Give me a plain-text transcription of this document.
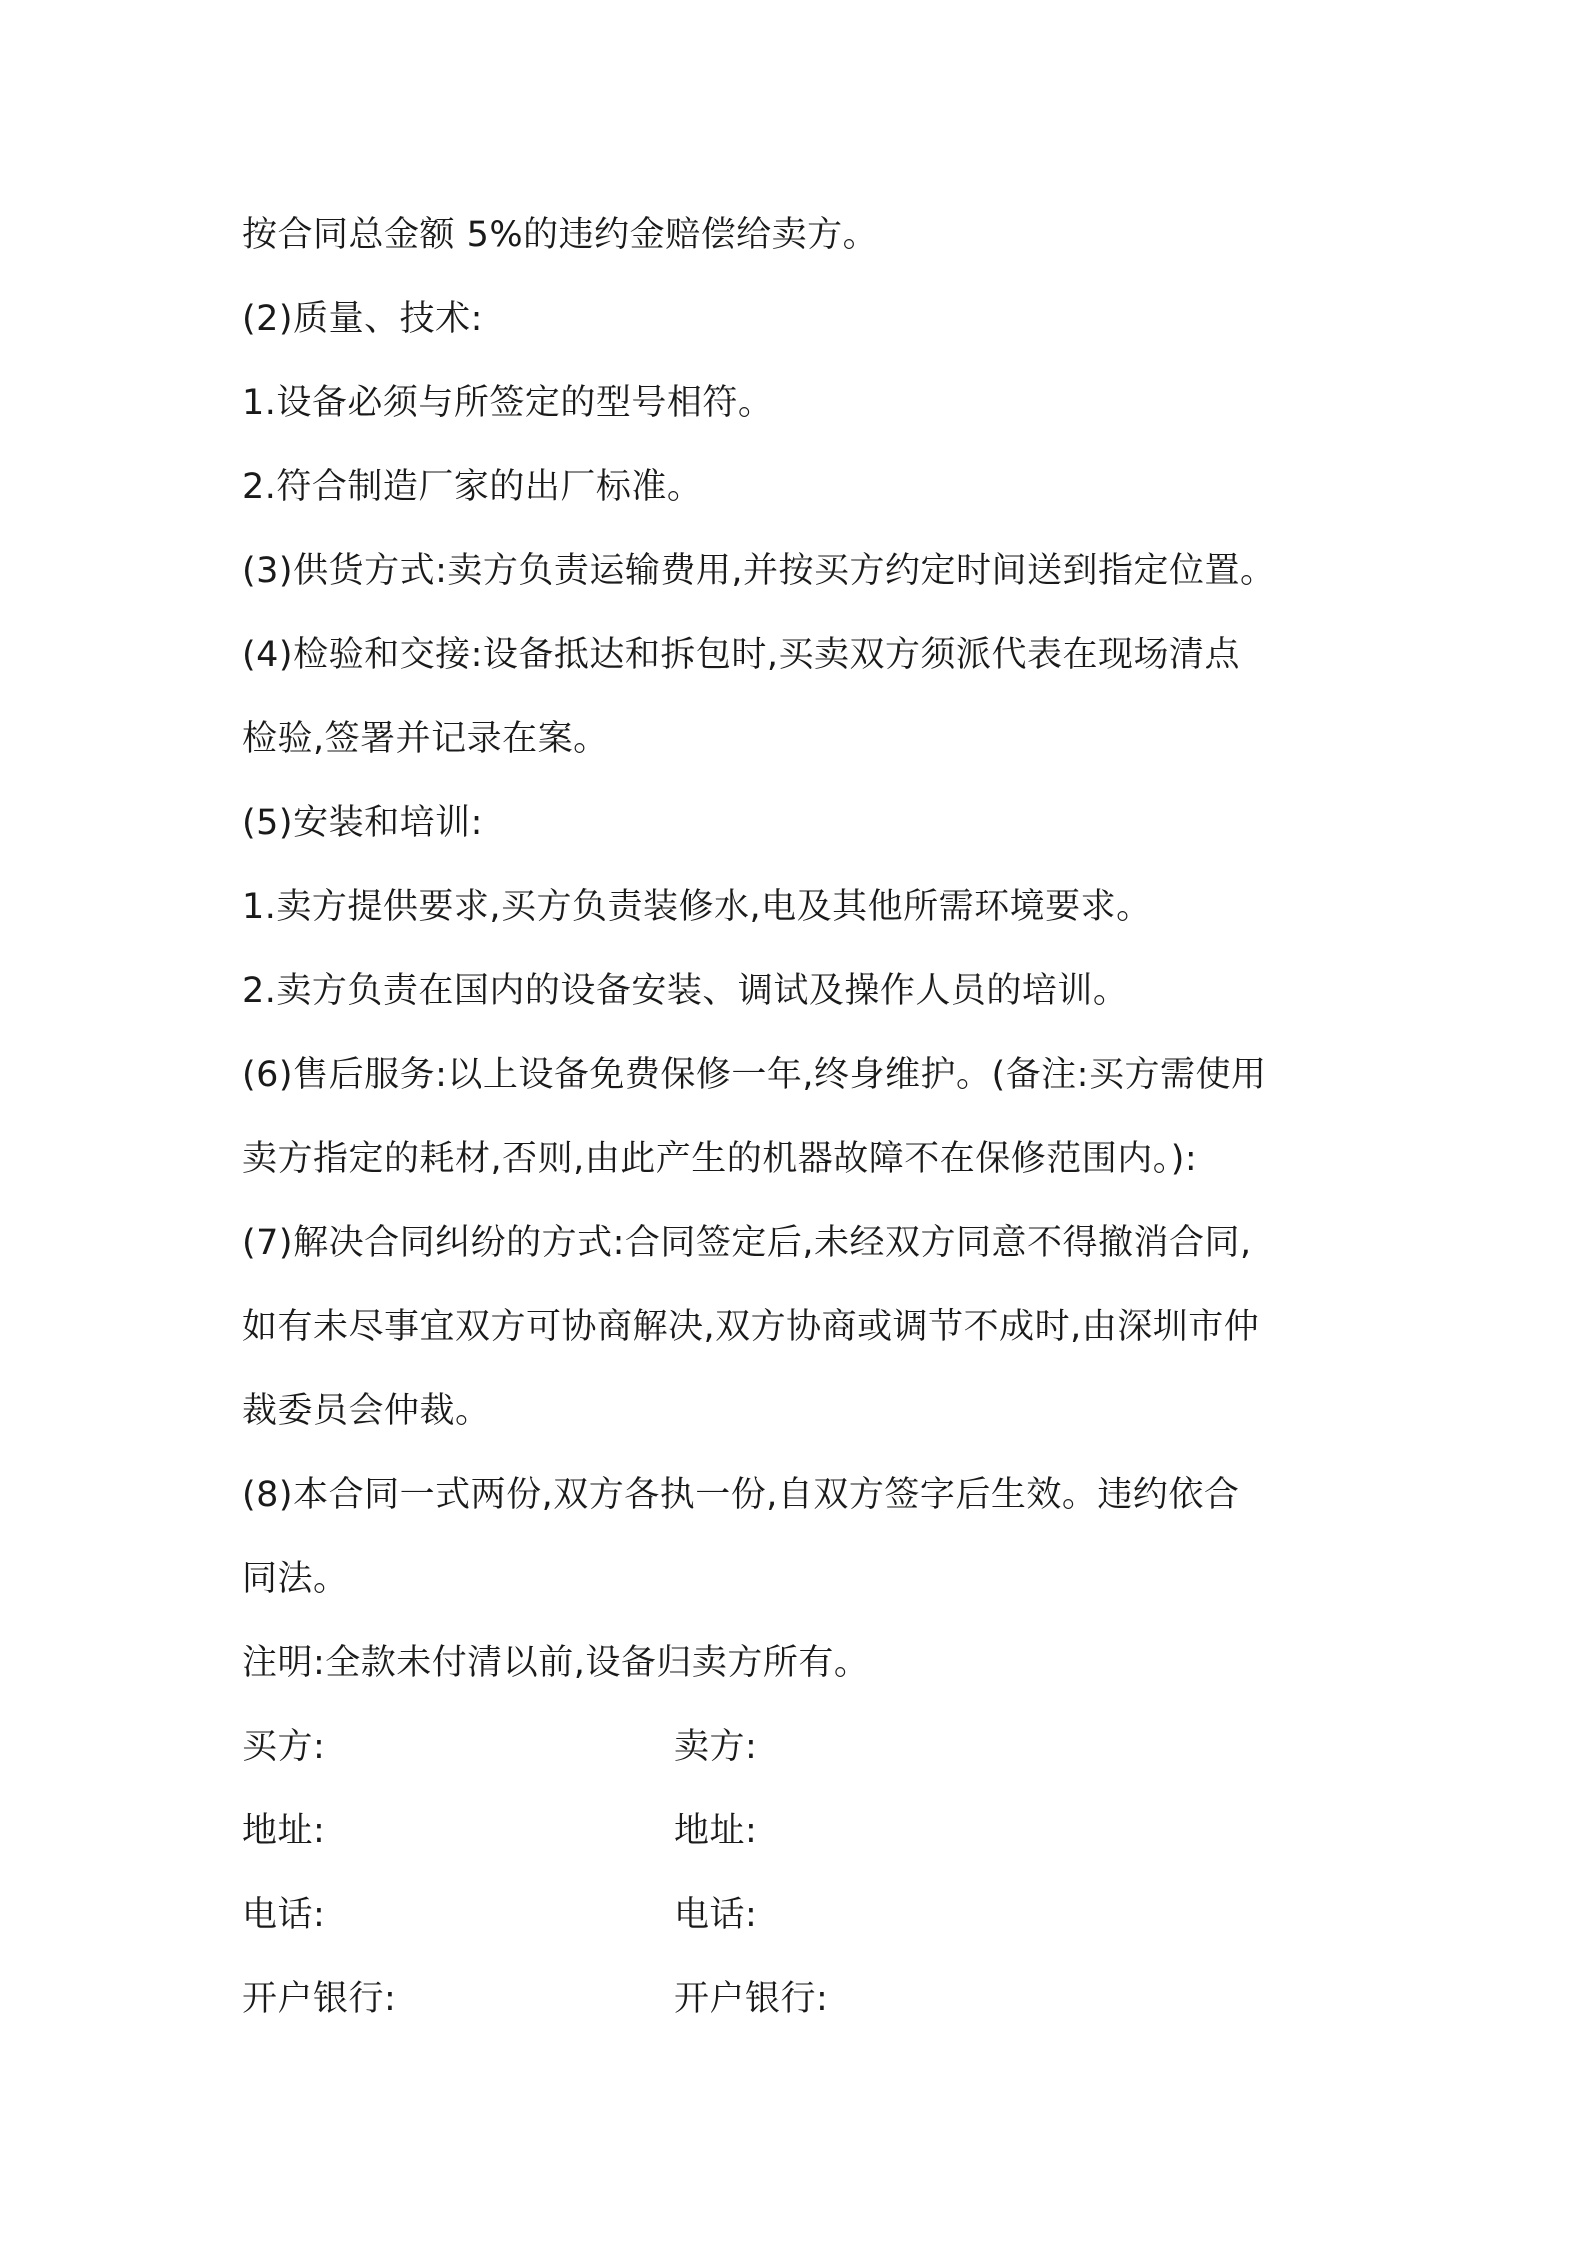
按合同总金额 5%的违约金赔偿给卖方。
(2)质量、技术:
1.设备必须与所签定的型号相符。
2.符合制造厂家的出厂标准。
(3)供货方式:卖方负责运输费用,并按买方约定时间送到指定位置。
(4)检验和交接:设备抵达和拆包时,买卖双方须派代表在现场清点
检验,签署并记录在案。
(5)安装和培训:
1.卖方提供要求,买方负责装修水,电及其他所需环境要求。
2.卖方负责在国内的设备安装、调试及操作人员的培训。
(6)售后服务:以上设备免费保修一年,终身维护。(备注:买方需使用
卖方指定的耗材,否则,由此产生的机器故障不在保修范围内。):
(7)解决合同纠纷的方式:合同签定后,未经双方同意不得撤消合同,
如有未尽事宜双方可协商解决,双方协商或调节不成时,由深圳市仲
裁委员会仲裁。
(8)本合同一式两份,双方各执一份,自双方签字后生效。违约依合
同法。
注明:全款未付清以前,设备归卖方所有。
买方:	卖方:
地址:	地址:
电话:	电话:
开户银行:	开户银行:
